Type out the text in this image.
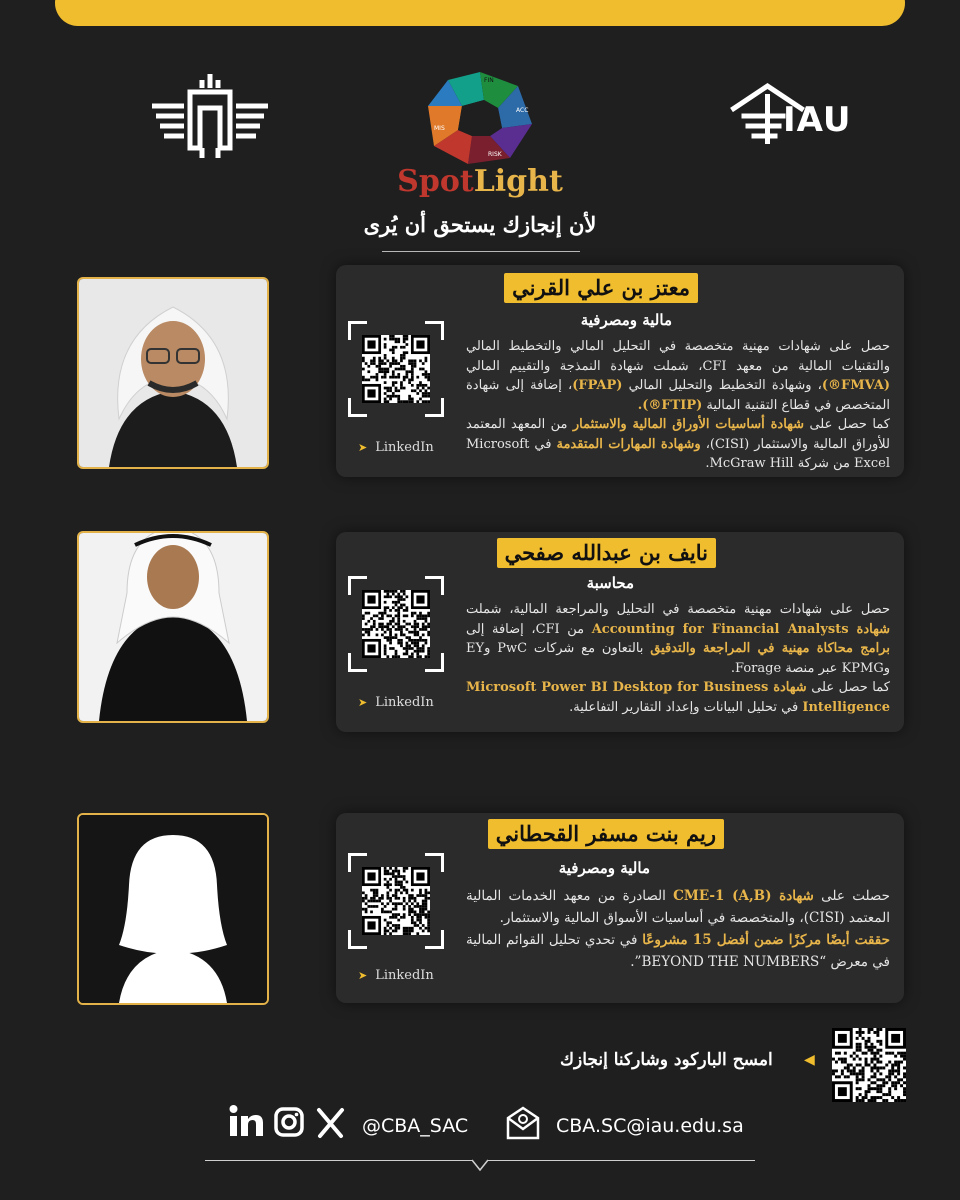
FIN
ACC
RISK
MIS	IAU
SpotLight
لأن إنجازك يستحق أن يُرى
معتز بن علي القرني
مالية ومصرفية
➤ LinkedIn

حصل على شهادات مهنية متخصصة في التحليل المالي والتخطيط المالي والتقنيات المالية من معهد CFI، شملت شهادة النمذجة والتقييم المالي (FMVA®)، وشهادة التخطيط والتحليل المالي (FPAP)، إضافة إلى شهادة المتخصص في قطاع التقنية المالية (FTIP®).

كما حصل على شهادة أساسيات الأوراق المالية والاستثمار من المعهد المعتمد للأوراق المالية والاستثمار (CISI)، وشهادة المهارات المتقدمة في Microsoft Excel من شركة McGraw Hill.

نايف بن عبدالله صفحي
محاسبة
➤ LinkedIn

حصل على شهادات مهنية متخصصة في التحليل والمراجعة المالية، شملت شهادة Accounting for Financial Analysts من CFI، إضافة إلى برامج محاكاة مهنية في المراجعة والتدقيق بالتعاون مع شركات PwC وEY وKPMG عبر منصة Forage.

كما حصل على شهادة Microsoft Power BI Desktop for Business Intelligence في تحليل البيانات وإعداد التقارير التفاعلية.

ريم بنت مسفر القحطاني
مالية ومصرفية
➤ LinkedIn

حصلت على شهادة (CME-1 (A,B الصادرة من معهد الخدمات المالية المعتمد (CISI)، والمتخصصة في أساسيات الأسواق المالية والاستثمار.

حققت أيضًا مركزًا ضمن أفضل 15 مشروعًا في تحدي تحليل القوائم المالية في معرض “BEYOND THE NUMBERS”.

امسح الباركود وشاركنا إنجازك ◀
@CBA_SAC	CBA.SC@iau.edu.sa
